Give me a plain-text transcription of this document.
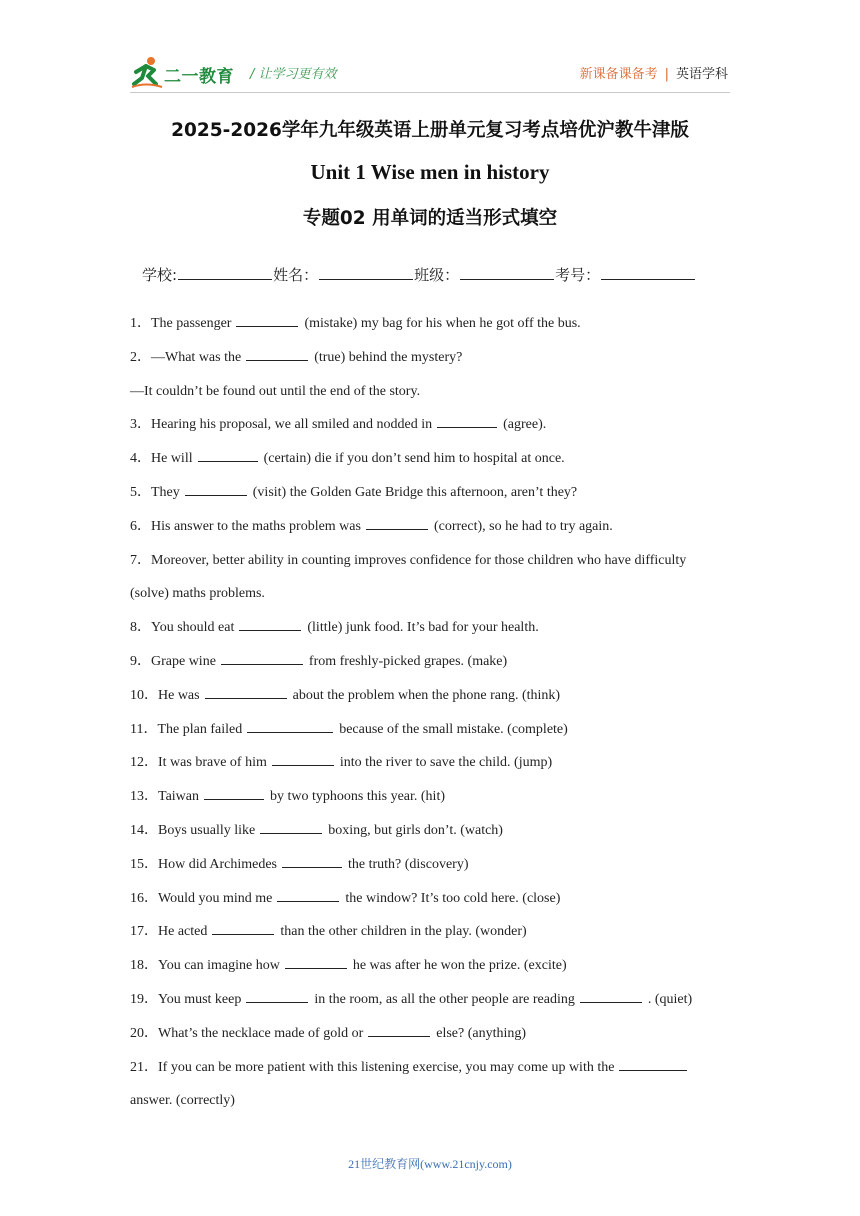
二一教育 / 让学习更有效	新课备课备考 | 英语学科
2025-2026学年九年级英语上册单元复习考点培优沪教牛津版
Unit 1 Wise men in history
专题02 用单词的适当形式填空
学校:	姓名：	班级：	考号：
1．The passenger	(mistake) my bag for his when he got off the bus.
2．—What was the	(true) behind the mystery?
—It couldn’t be found out until the end of the story.
3．Hearing his proposal, we all smiled and nodded in	(agree).
4．He will	(certain) die if you don’t send him to hospital at once.
5．They	(visit) the Golden Gate Bridge this afternoon, aren’t they?
6．His answer to the maths problem was	(correct), so he had to try again.
7．Moreover, better ability in counting improves confidence for those children who have difficulty
(solve) maths problems.
8．You should eat	(little) junk food. It’s bad for your health.
9．Grape wine	from freshly-picked grapes. (make)
10．He was	about the problem when the phone rang. (think)
11．The plan failed	because of the small mistake. (complete)
12．It was brave of him	into the river to save the child. (jump)
13．Taiwan	by two typhoons this year. (hit)
14．Boys usually like	boxing, but girls don’t. (watch)
15．How did Archimedes	the truth? (discovery)
16．Would you mind me	the window? It’s too cold here. (close)
17．He acted	than the other children in the play. (wonder)
18．You can imagine how	he was after he won the prize. (excite)
19．You must keep	in the room, as all the other people are reading	. (quiet)
20．What’s the necklace made of gold or	else? (anything)
21．If you can be more patient with this listening exercise, you may come up with the
answer. (correctly)
21世纪教育网(www.21cnjy.com)
